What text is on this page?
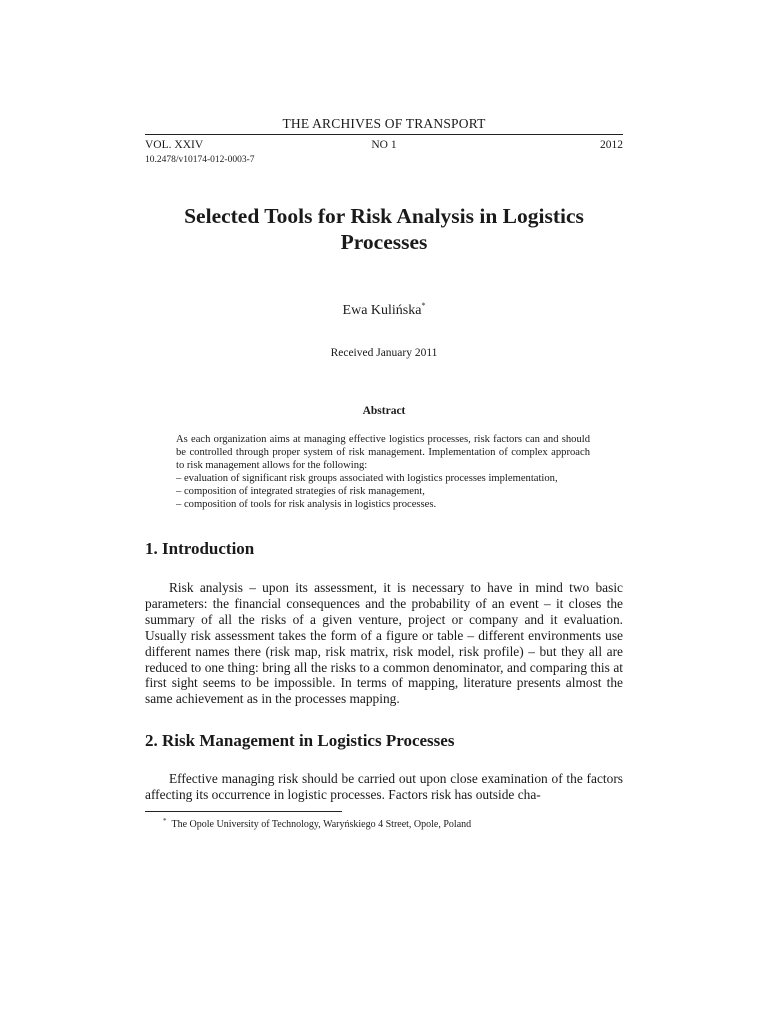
THE ARCHIVES OF TRANSPORT
VOL. XXIV	NO 1	2012
10.2478/v10174-012-0003-7
Selected Tools for Risk Analysis in Logistics
Processes
Ewa Kulińska*
Received January 2011
Abstract

As each organization aims at managing effective logistics processes, risk factors can and should be controlled through proper system of risk management. Implementation of complex approach to risk management allows for the following:

– evaluation of significant risk groups associated with logistics processes implementation,

– composition of integrated strategies of risk management,

– composition of tools for risk analysis in logistics processes.

1. Introduction

Risk analysis – upon its assessment, it is necessary to have in mind two basic parameters: the financial consequences and the probability of an event – it closes the summary of all the risks of a given venture, project or company and it evaluation. Usually risk assessment takes the form of a figure or table – different environments use different names there (risk map, risk matrix, risk model, risk profile) – but they all are reduced to one thing: bring all the risks to a common denominator, and comparing this at first sight seems to be impossible. In terms of mapping, literature presents almost the same achievement as in the processes mapping.

2. Risk Management in Logistics Processes

Effective managing risk should be carried out upon close examination of the factors affecting its occurrence in logistic processes. Factors risk has outside cha-

* The Opole University of Technology, Waryńskiego 4 Street, Opole, Poland
